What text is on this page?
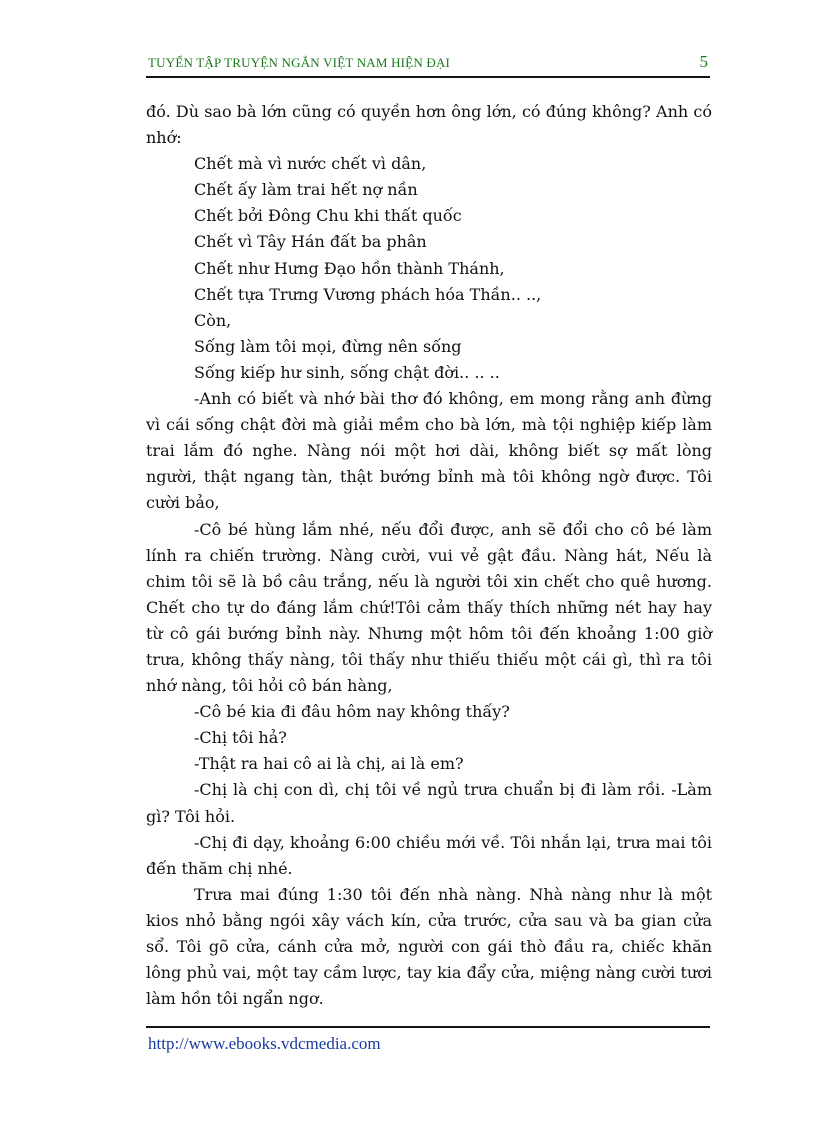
TUYỂN TẬP TRUYỆN NGẮN VIỆT NAM HIỆN ĐẠI	5

đó. Dù sao bà lớn cũng có quyền hơn ông lớn, có đúng không? Anh có nhớ:

Chết mà vì nước chết vì dân,

Chết ấy làm trai hết nợ nần

Chết bởi Đông Chu khi thất quốc

Chết vì Tây Hán đất ba phân

Chết như Hưng Đạo hồn thành Thánh,

Chết tựa Trưng Vương phách hóa Thần.. ..,

Còn,

Sống làm tôi mọi, đừng nên sống

Sống kiếp hư sinh, sống chật đời.. .. ..

-Anh có biết và nhớ bài thơ đó không, em mong rằng anh đừng vì cái sống chật đời mà giải mềm cho bà lớn, mà tội nghiệp kiếp làm trai lắm đó nghe. Nàng nói một hơi dài, không biết sợ mất lòng người, thật ngang tàn, thật bướng bỉnh mà tôi không ngờ được. Tôi cười bảo,

-Cô bé hùng lắm nhé, nếu đổi được, anh sẽ đổi cho cô bé làm lính ra chiến trường. Nàng cười, vui vẻ gật đầu. Nàng hát, Nếu là chim tôi sẽ là bồ câu trắng, nếu là người tôi xin chết cho quê hương. Chết cho tự do đáng lắm chứ!Tôi cảm thấy thích những nét hay hay từ cô gái bướng bỉnh này. Nhưng một hôm tôi đến khoảng 1:00 giờ trưa, không thấy nàng, tôi thấy như thiếu thiếu một cái gì, thì ra tôi nhớ nàng, tôi hỏi cô bán hàng,

-Cô bé kia đi đâu hôm nay không thấy?

-Chị tôi hả?

-Thật ra hai cô ai là chị, ai là em?

-Chị là chị con dì, chị tôi về ngủ trưa chuẩn bị đi làm rồi. -Làm gì? Tôi hỏi.

-Chị đi dạy, khoảng 6:00 chiều mới về. Tôi nhắn lại, trưa mai tôi đến thăm chị nhé.

Trưa mai đúng 1:30 tôi đến nhà nàng. Nhà nàng như là một kios nhỏ bằng ngói xây vách kín, cửa trước, cửa sau và ba gian cửa sổ. Tôi gõ cửa, cánh cửa mở, người con gái thò đầu ra, chiếc khăn lông phủ vai, một tay cầm lược, tay kia đẩy cửa, miệng nàng cười tươi làm hồn tôi ngẩn ngơ.

http://www.ebooks.vdcmedia.com
